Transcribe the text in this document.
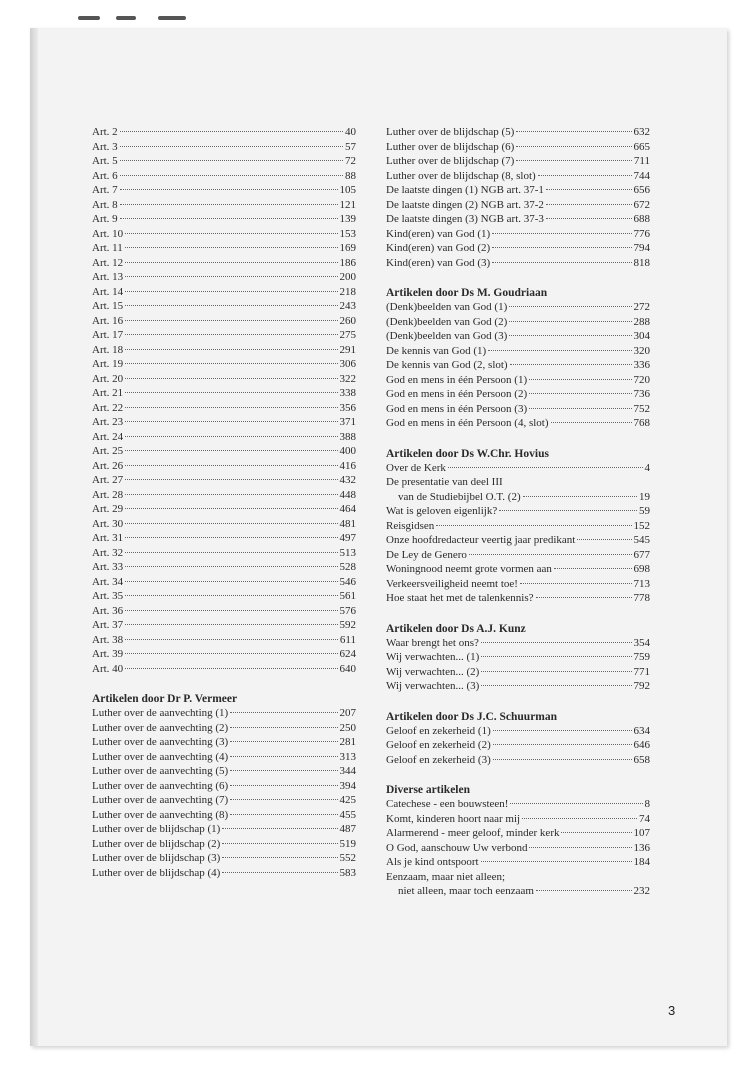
Art. 2	40
Art. 3	57
Art. 5	72
Art. 6	88
Art. 7	105
Art. 8	121
Art. 9	139
Art. 10	153
Art. 11	169
Art. 12	186
Art. 13	200
Art. 14	218
Art. 15	243
Art. 16	260
Art. 17	275
Art. 18	291
Art. 19	306
Art. 20	322
Art. 21	338
Art. 22	356
Art. 23	371
Art. 24	388
Art. 25	400
Art. 26	416
Art. 27	432
Art. 28	448
Art. 29	464
Art. 30	481
Art. 31	497
Art. 32	513
Art. 33	528
Art. 34	546
Art. 35	561
Art. 36	576
Art. 37	592
Art. 38	611
Art. 39	624
Art. 40	640
Artikelen door Dr P. Vermeer
Luther over de aanvechting (1)	207
Luther over de aanvechting (2)	250
Luther over de aanvechting (3)	281
Luther over de aanvechting (4)	313
Luther over de aanvechting (5)	344
Luther over de aanvechting (6)	394
Luther over de aanvechting (7)	425
Luther over de aanvechting (8)	455
Luther over de blijdschap (1)	487
Luther over de blijdschap (2)	519
Luther over de blijdschap (3)	552
Luther over de blijdschap (4)	583
Luther over de blijdschap (5)	632
Luther over de blijdschap (6)	665
Luther over de blijdschap (7)	711
Luther over de blijdschap (8, slot)	744
De laatste dingen (1) NGB art. 37-1	656
De laatste dingen (2) NGB art. 37-2	672
De laatste dingen (3) NGB art. 37-3	688
Kind(eren) van God (1)	776
Kind(eren) van God (2)	794
Kind(eren) van God (3)	818
Artikelen door Ds M. Goudriaan
(Denk)beelden van God (1)	272
(Denk)beelden van God (2)	288
(Denk)beelden van God (3)	304
De kennis van God (1)	320
De kennis van God (2, slot)	336
God en mens in één Persoon (1)	720
God en mens in één Persoon (2)	736
God en mens in één Persoon (3)	752
God en mens in één Persoon (4, slot)	768
Artikelen door Ds W.Chr. Hovius
Over de Kerk	4
De presentatie van deel III
van de Studiebijbel O.T. (2)	19
Wat is geloven eigenlijk?	59
Reisgidsen	152
Onze hoofdredacteur veertig jaar predikant	545
De Ley de Genero	677
Woningnood neemt grote vormen aan	698
Verkeersveiligheid neemt toe!	713
Hoe staat het met de talenkennis?	778
Artikelen door Ds A.J. Kunz
Waar brengt het ons?	354
Wij verwachten... (1)	759
Wij verwachten... (2)	771
Wij verwachten... (3)	792
Artikelen door Ds J.C. Schuurman
Geloof en zekerheid (1)	634
Geloof en zekerheid (2)	646
Geloof en zekerheid (3)	658
Diverse artikelen
Catechese - een bouwsteen!	8
Komt, kinderen hoort naar mij	74
Alarmerend - meer geloof, minder kerk	107
O God, aanschouw Uw verbond	136
Als je kind ontspoort	184
Eenzaam, maar niet alleen;
niet alleen, maar toch eenzaam	232
3
